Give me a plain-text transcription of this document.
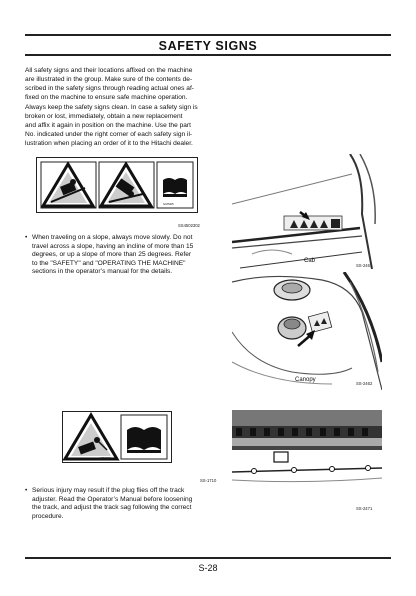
SAFETY SIGNS
All safety signs and their locations affixed on the machine
are illustrated in the group. Make sure of the contents de-
scribed in the safety signs through reading actual ones af-
fixed on the machine to ensure safe machine operation.
Always keep the safety signs clean. In case a safety sign is
broken or lost, immediately, obtain a new replacement
and affix it again in position on the machine. Use the part
No. indicated under the right corner of each safety sign il-
lustration when placing an order of it to the Hitachi dealer.
GMSD5
SS4502302
• When traveling on a slope, always move slowly. Do not
travel across a slope, having an incline of more than 15
degrees, or up a slope of more than 25 degrees. Refer
to the "SAFETY" and "OPERATING THE MACHINE"
sections in the operator’s manual for the details.
Cab
SS-2461
Canopy
SS-2462
A333203
SS-1710
• Serious injury may result if the plug flies off the track
adjuster. Read the Operator’s Manual before loosening
the track, and adjust the track sag following the correct
procedure.
SS-2471
S-28
